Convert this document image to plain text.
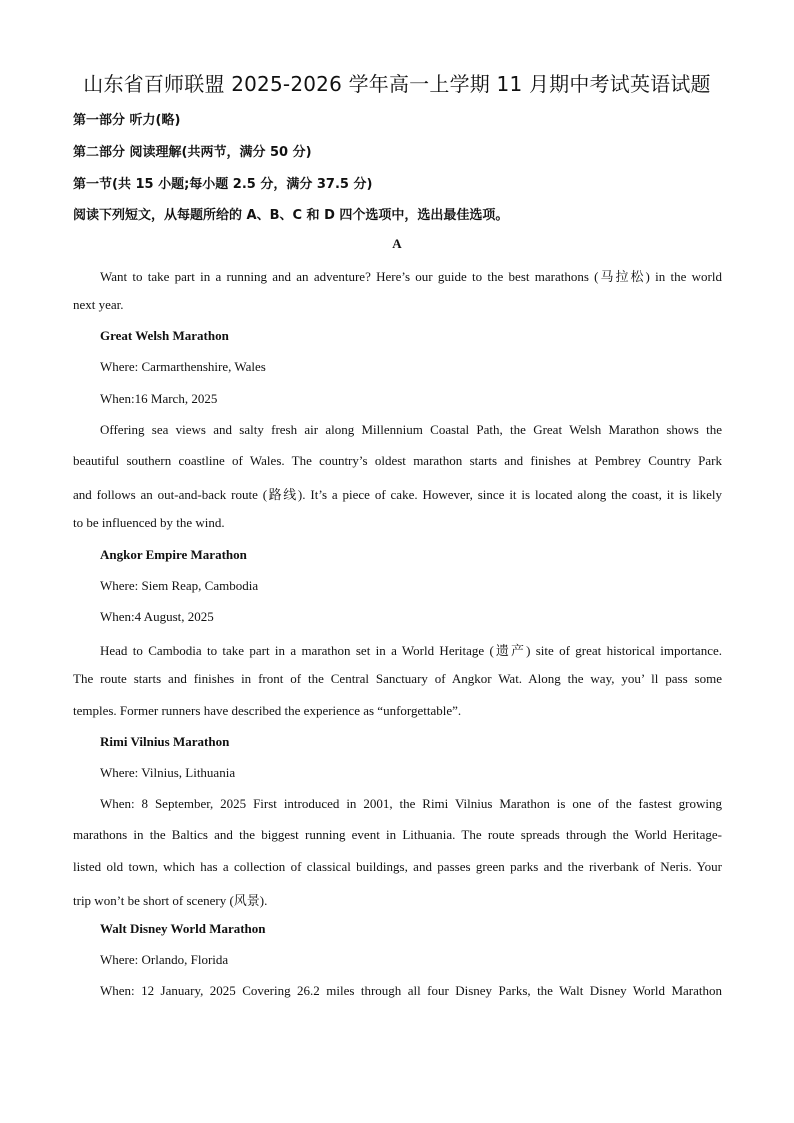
山东省百师联盟 2025-2026 学年高一上学期 11 月期中考试英语试题
第一部分 听力(略)
第二部分 阅读理解(共两节，满分 50 分)
第一节(共 15 小题;每小题 2.5 分，满分 37.5 分)
阅读下列短文，从每题所给的 A、B、C 和 D 四个选项中，选出最佳选项。
A
Want to take part in a running and an adventure? Here’s our guide to the best marathons (马拉松) in the world
next year.
Great Welsh Marathon
Where: Carmarthenshire, Wales
When:16 March, 2025
Offering sea views and salty fresh air along Millennium Coastal Path, the Great Welsh Marathon shows the
beautiful southern coastline of Wales. The country’s oldest marathon starts and finishes at Pembrey Country Park
and follows an out-and-back route (路线). It’s a piece of cake. However, since it is located along the coast, it is likely
to be influenced by the wind.
Angkor Empire Marathon
Where: Siem Reap, Cambodia
When:4 August, 2025
Head to Cambodia to take part in a marathon set in a World Heritage (遗产) site of great historical importance.
The route starts and finishes in front of the Central Sanctuary of Angkor Wat. Along the way, you’ ll pass some
temples. Former runners have described the experience as “unforgettable”.
Rimi Vilnius Marathon
Where: Vilnius, Lithuania
When: 8 September, 2025 First introduced in 2001, the Rimi Vilnius Marathon is one of the fastest growing
marathons in the Baltics and the biggest running event in Lithuania. The route spreads through the World Heritage-
listed old town, which has a collection of classical buildings, and passes green parks and the riverbank of Neris. Your
trip won’t be short of scenery (风景).
Walt Disney World Marathon
Where: Orlando, Florida
When: 12 January, 2025 Covering 26.2 miles through all four Disney Parks, the Walt Disney World Marathon
